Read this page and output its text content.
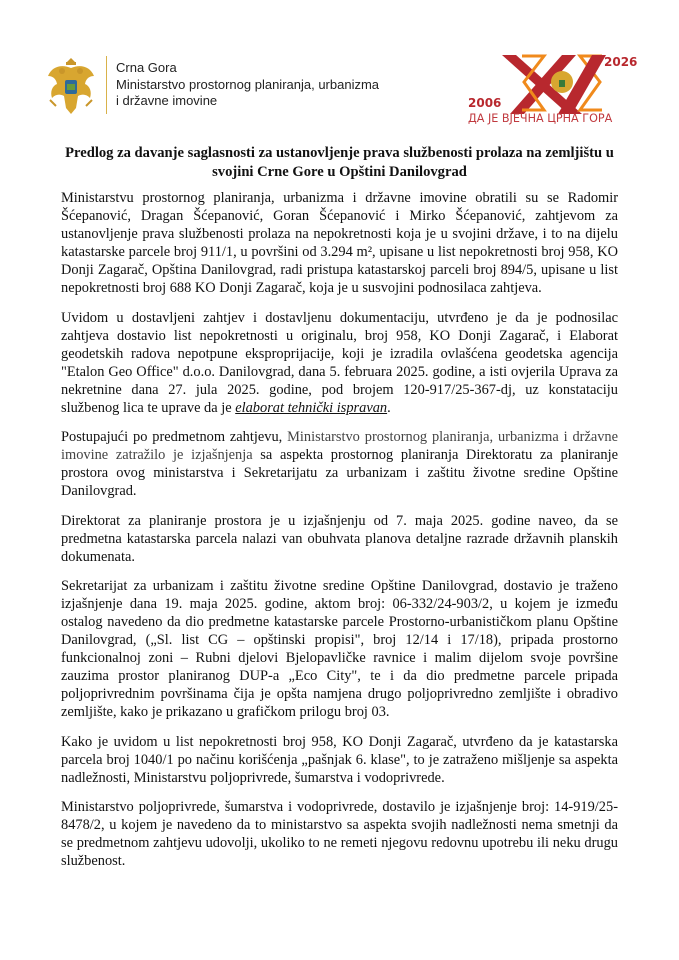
Crna Gora
Ministarstvo prostornog planiranja, urbanizma
i državne imovine
2026
2006
ДА ЈЕ ВЈЕЧНА ЦРНА ГОРА
Predlog za davanje saglasnosti za ustanovljenje prava službenosti prolaza na zemljištu u
svojini Crne Gore u Opštini Danilovgrad

Ministarstvu prostornog planiranja, urbanizma i državne imovine obratili su se Radomir Šćepanović, Dragan Šćepanović, Goran Šćepanović i Mirko Šćepanović, zahtjevom za ustanovljenje prava službenosti prolaza na nepokretnosti koja je u svojini države, i to na dijelu katastarske parcele broj 911/1, u površini od 3.294 m², upisane u list nepokretnosti broj 958, KO Donji Zagarač, Opština Danilovgrad, radi pristupa katastarskoj parceli broj 894/5, upisane u list nepokretnosti broj 688 KO Donji Zagarač, koja je u susvojini podnosilaca zahtjeva.

Uvidom u dostavljeni zahtjev i dostavljenu dokumentaciju, utvrđeno je da je podnosilac zahtjeva dostavio list nepokretnosti u originalu, broj 958, KO Donji Zagarač, i Elaborat geodetskih radova nepotpune eksproprijacije, koji je izradila ovlašćena geodetska agencija "Etalon Geo Office" d.o.o. Danilovgrad, dana 5. februara 2025. godine, a isti ovjerila Uprava za nekretnine dana 27. jula 2025. godine, pod brojem 120-917/25-367-dj, uz konstataciju službenog lica te uprave da je elaborat tehnički ispravan.

Postupajući po predmetnom zahtjevu, Ministarstvo prostornog planiranja, urbanizma i državne imovine zatražilo je izjašnjenja sa aspekta prostornog planiranja Direktoratu za planiranje prostora ovog ministarstva i Sekretarijatu za urbanizam i zaštitu životne sredine Opštine Danilovgrad.

Direktorat za planiranje prostora je u izjašnjenju od 7. maja 2025. godine naveo, da se predmetna katastarska parcela nalazi van obuhvata planova detaljne razrade državnih planskih dokumenata.

Sekretarijat za urbanizam i zaštitu životne sredine Opštine Danilovgrad, dostavio je traženo izjašnjenje dana 19. maja 2025. godine, aktom broj: 06-332/24-903/2, u kojem je između ostalog navedeno da dio predmetne katastarske parcele Prostorno-urbanističkom planu Opštine Danilovgrad, („Sl. list CG – opštinski propisi", broj 12/14 i 17/18), pripada prostorno funkcionalnoj zoni – Rubni djelovi Bjelopavličke ravnice i malim dijelom svoje površine zauzima prostor planiranog DUP-a „Eco City", te i da dio predmetne parcele pripada poljoprivrednim površinama čija je opšta namjena drugo poljoprivredno zemljište i obradivo zemljište, kako je prikazano u grafičkom prilogu broj 03.

Kako je uvidom u list nepokretnosti broj 958, KO Donji Zagarač, utvrđeno da je katastarska parcela broj 1040/1 po načinu korišćenja „pašnjak 6. klase", to je zatraženo mišljenje sa aspekta nadležnosti, Ministarstvu poljoprivrede, šumarstva i vodoprivrede.

Ministarstvo poljoprivrede, šumarstva i vodoprivrede, dostavilo je izjašnjenje broj: 14-919/25-8478/2, u kojem je navedeno da to ministarstvo sa aspekta svojih nadležnosti nema smetnji da se predmetnom zahtjevu udovolji, ukoliko to ne remeti njegovu redovnu upotrebu ili neku drugu službenost.
